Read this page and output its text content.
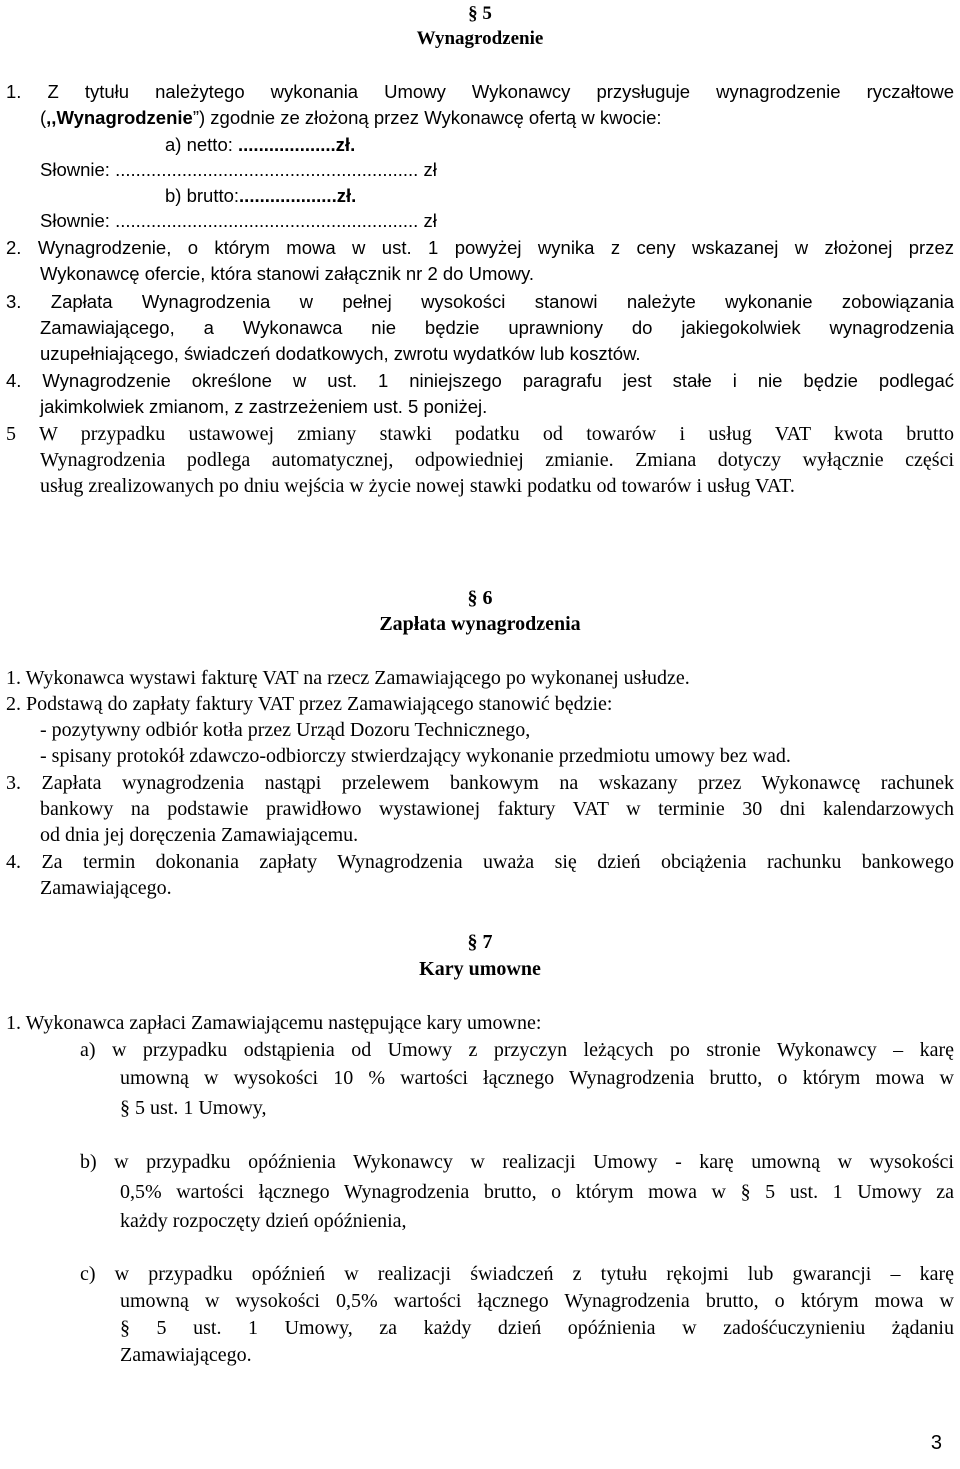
§ 5
Wynagrodzenie
1. Z tytułu należytego wykonania Umowy Wykonawcy przysługuje wynagrodzenie ryczałtowe
(,,Wynagrodzenie”) zgodnie ze złożoną przez Wykonawcę ofertą w kwocie:
a) netto: ...................zł.
Słownie: ........................................................... zł
b) brutto:...................zł.
Słownie: ........................................................... zł
2. Wynagrodzenie, o którym mowa w ust. 1 powyżej wynika z ceny wskazanej w złożonej przez
Wykonawcę ofercie, która stanowi załącznik nr 2 do Umowy.
3. Zapłata Wynagrodzenia w pełnej wysokości stanowi należyte wykonanie zobowiązania
Zamawiającego, a Wykonawca nie będzie uprawniony do jakiegokolwiek wynagrodzenia
uzupełniającego, świadczeń dodatkowych, zwrotu wydatków lub kosztów.
4. Wynagrodzenie określone w ust. 1 niniejszego paragrafu jest stałe i nie będzie podlegać
jakimkolwiek zmianom, z zastrzeżeniem ust. 5 poniżej.
5 W przypadku ustawowej zmiany stawki podatku od towarów i usług VAT kwota brutto
Wynagrodzenia podlega automatycznej, odpowiedniej zmianie. Zmiana dotyczy wyłącznie części
usług zrealizowanych po dniu wejścia w życie nowej stawki podatku od towarów i usług VAT.
§ 6
Zapłata wynagrodzenia
1. Wykonawca wystawi fakturę VAT na rzecz Zamawiającego po wykonanej usłudze.
2. Podstawą do zapłaty faktury VAT przez Zamawiającego stanowić będzie:
- pozytywny odbiór kotła przez Urząd Dozoru Technicznego,
- spisany protokół zdawczo-odbiorczy stwierdzający wykonanie przedmiotu umowy bez wad.
3. Zapłata wynagrodzenia nastąpi przelewem bankowym na wskazany przez Wykonawcę rachunek
bankowy na podstawie prawidłowo wystawionej faktury VAT w terminie 30 dni kalendarzowych
od dnia jej doręczenia Zamawiającemu.
4. Za termin dokonania zapłaty Wynagrodzenia uważa się dzień obciążenia rachunku bankowego
Zamawiającego.
§ 7
Kary umowne
1. Wykonawca zapłaci Zamawiającemu następujące kary umowne:
a) w przypadku odstąpienia od Umowy z przyczyn leżących po stronie Wykonawcy – karę
umowną w wysokości 10 % wartości łącznego Wynagrodzenia brutto, o którym mowa w
§ 5 ust. 1 Umowy,
b) w przypadku opóźnienia Wykonawcy w realizacji Umowy - karę umowną w wysokości
0,5% wartości łącznego Wynagrodzenia brutto, o którym mowa w § 5 ust. 1 Umowy za
każdy rozpoczęty dzień opóźnienia,
c) w przypadku opóźnień w realizacji świadczeń z tytułu rękojmi lub gwarancji – karę
umowną w wysokości 0,5% wartości łącznego Wynagrodzenia brutto, o którym mowa w
§ 5 ust. 1 Umowy, za każdy dzień opóźnienia w zadośćuczynieniu żądaniu
Zamawiającego.
3
